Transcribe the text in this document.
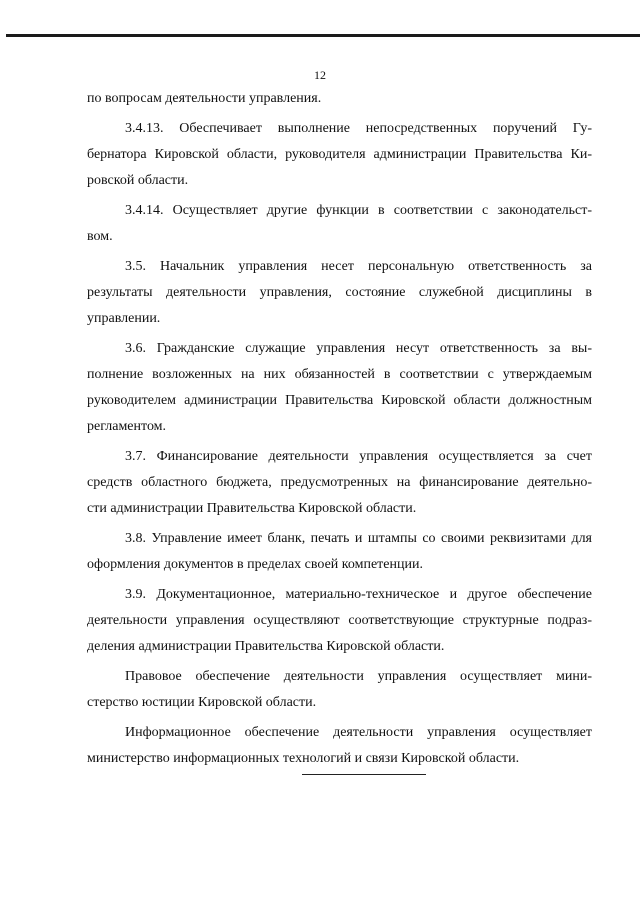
12

по вопросам деятельности управления.

3.4.13. Обеспечивает выполнение непосредственных поручений Гу-
бернатора Кировской области, руководителя администрации Правительства Ки-
ровской области.

3.4.14. Осуществляет другие функции в соответствии с законодательст-
вом.

3.5. Начальник управления несет персональную ответственность за
результаты деятельности управления, состояние служебной дисциплины в
управлении.

3.6. Гражданские служащие управления несут ответственность за вы-
полнение возложенных на них обязанностей в соответствии с утверждаемым
руководителем администрации Правительства Кировской области должностным
регламентом.

3.7. Финансирование деятельности управления осуществляется за счет
средств областного бюджета, предусмотренных на финансирование деятельно-
сти администрации Правительства Кировской области.

3.8. Управление имеет бланк, печать и штампы со своими реквизитами для
оформления документов в пределах своей компетенции.

3.9. Документационное, материально-техническое и другое обеспечение
деятельности управления осуществляют соответствующие структурные подраз-
деления администрации Правительства Кировской области.

Правовое обеспечение деятельности управления осуществляет мини-
стерство юстиции Кировской области.

Информационное обеспечение деятельности управления осуществляет
министерство информационных технологий и связи Кировской области.
